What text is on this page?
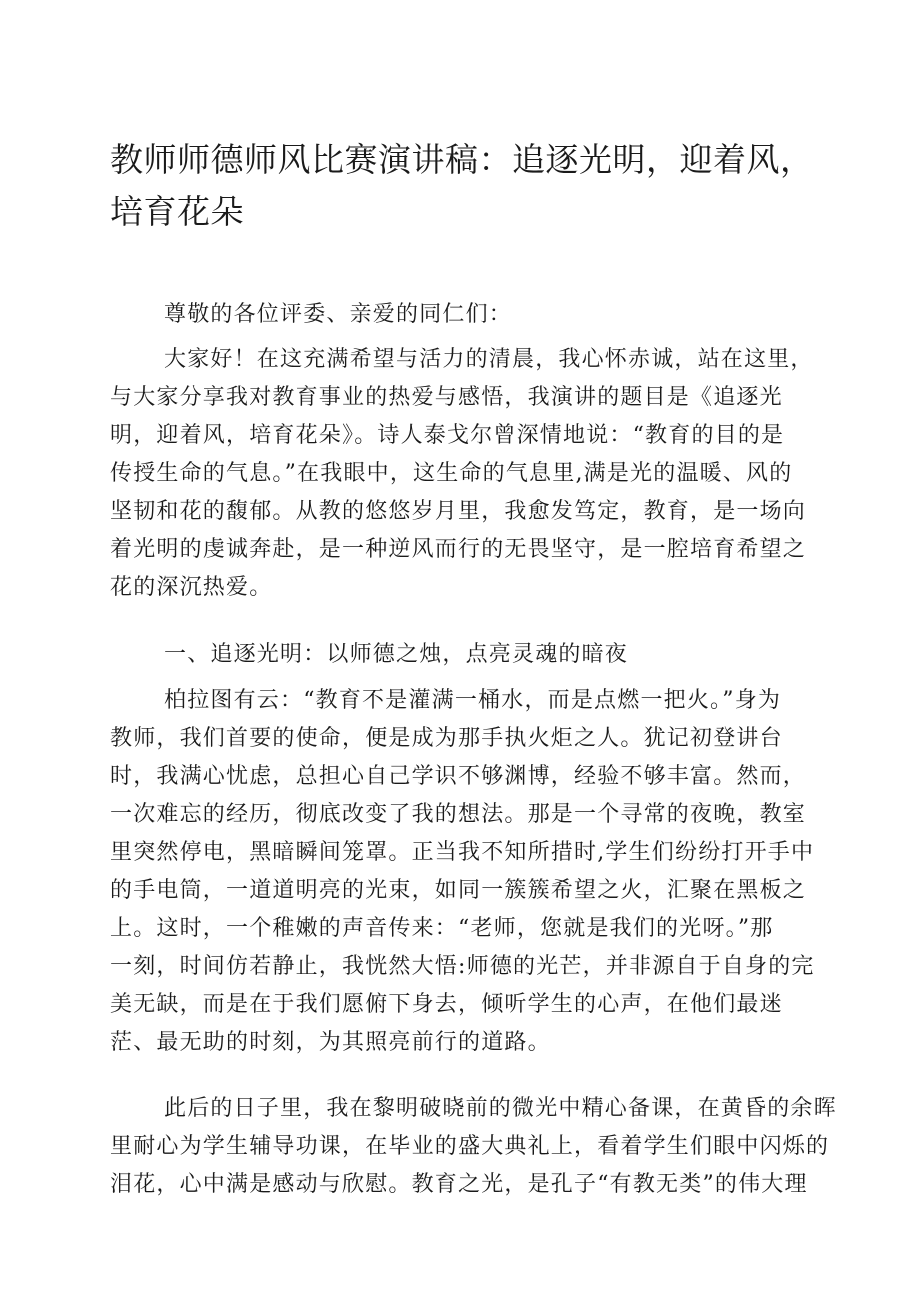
教师师德师风比赛演讲稿：追逐光明，迎着风，培育花朵

尊敬的各位评委、亲爱的同仁们：

大家好！在这充满希望与活力的清晨，我心怀赤诚，站在这里，

与大家分享我对教育事业的热爱与感悟，我演讲的题目是《追逐光

明，迎着风，培育花朵》。诗人泰戈尔曾深情地说：“教育的目的是

传授生命的气息。”在我眼中，这生命的气息里,满是光的温暖、风的

坚韧和花的馥郁。从教的悠悠岁月里，我愈发笃定，教育，是一场向

着光明的虔诚奔赴，是一种逆风而行的无畏坚守，是一腔培育希望之

花的深沉热爱。

一、追逐光明：以师德之烛，点亮灵魂的暗夜

柏拉图有云：“教育不是灌满一桶水，而是点燃一把火。”身为

教师，我们首要的使命，便是成为那手执火炬之人。犹记初登讲台

时，我满心忧虑，总担心自己学识不够渊博，经验不够丰富。然而，

一次难忘的经历，彻底改变了我的想法。那是一个寻常的夜晚，教室

里突然停电，黑暗瞬间笼罩。正当我不知所措时,学生们纷纷打开手中

的手电筒，一道道明亮的光束，如同一簇簇希望之火，汇聚在黑板之

上。这时，一个稚嫩的声音传来：“老师，您就是我们的光呀。”那

一刻，时间仿若静止，我恍然大悟:师德的光芒，并非源自于自身的完

美无缺，而是在于我们愿俯下身去，倾听学生的心声，在他们最迷

茫、最无助的时刻，为其照亮前行的道路。

此后的日子里，我在黎明破晓前的微光中精心备课，在黄昏的余晖

里耐心为学生辅导功课，在毕业的盛大典礼上，看着学生们眼中闪烁的

泪花，心中满是感动与欣慰。教育之光，是孔子“有教无类”的伟大理
